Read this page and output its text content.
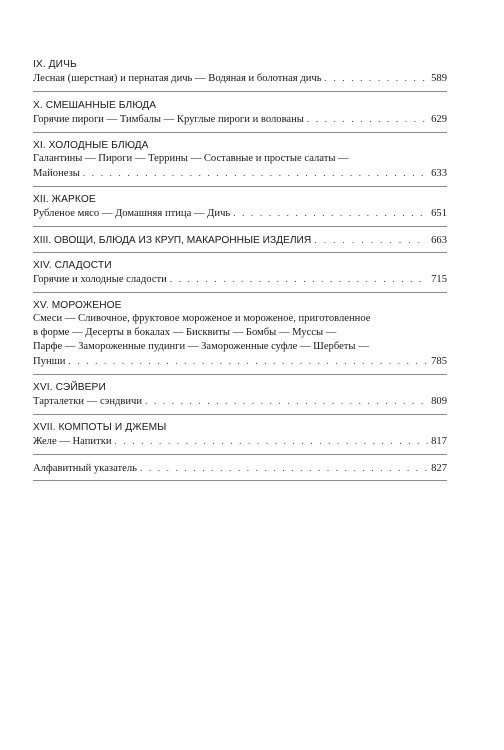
IX. ДИЧЬ
Лесная (шерстная) и пернатая дичь — Водяная и болотная дичь . . .	589
X. СМЕШАННЫЕ БЛЮДА
Горячие пироги — Тимбалы — Круглые пироги и волованы . . .	629
XI. ХОЛОДНЫЕ БЛЮДА
Галантины — Пироги — Террины — Составные и простые салаты —
Майонезы . . .	633
XII. ЖАРКОЕ
Рубленое мясо — Домашняя птица — Дичь . . .	651
XIII. ОВОЩИ, БЛЮДА ИЗ КРУП, МАКАРОННЫЕ ИЗДЕЛИЯ . . .	663
XIV. СЛАДОСТИ
Горячие и холодные сладости . . .	715
XV. МОРОЖЕНОЕ
Смеси — Сливочное, фруктовое мороженое и мороженое, приготовленное
в форме — Десерты в бокалах — Бисквиты — Бомбы — Муссы —
Парфе — Замороженные пудинги — Замороженные суфле — Шербеты —
Пунши . . .	785
XVI. СЭЙВЕРИ
Тарталетки — сэндвичи . . .	809
XVII. КОМПОТЫ И ДЖЕМЫ
Желе — Напитки . . .	817
Алфавитный указатель . . .	827
